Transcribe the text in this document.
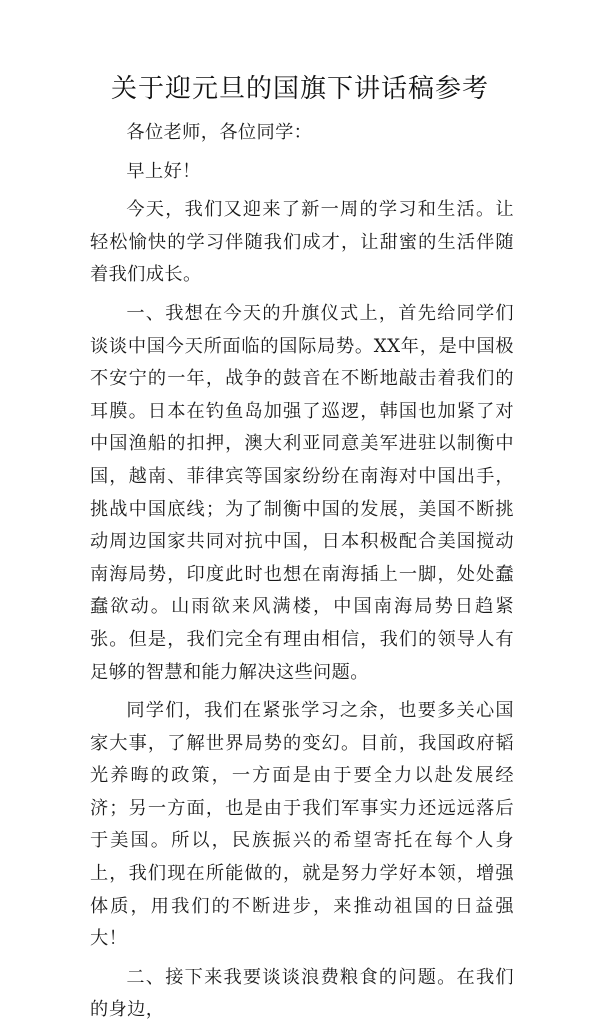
关于迎元旦的国旗下讲话稿参考

各位老师，各位同学：

早上好！

今天，我们又迎来了新一周的学习和生活。让轻松愉快的学习伴随我们成才，让甜蜜的生活伴随着我们成长。

一、我想在今天的升旗仪式上，首先给同学们谈谈中国今天所面临的国际局势。XX年，是中国极不安宁的一年，战争的鼓音在不断地敲击着我们的耳膜。日本在钓鱼岛加强了巡逻，韩国也加紧了对中国渔船的扣押，澳大利亚同意美军进驻以制衡中国，越南、菲律宾等国家纷纷在南海对中国出手，挑战中国底线；为了制衡中国的发展，美国不断挑动周边国家共同对抗中国，日本积极配合美国搅动南海局势，印度此时也想在南海插上一脚，处处蠢蠢欲动。山雨欲来风满楼，中国南海局势日趋紧张。但是，我们完全有理由相信，我们的领导人有足够的智慧和能力解决这些问题。

同学们，我们在紧张学习之余，也要多关心国家大事，了解世界局势的变幻。目前，我国政府韬光养晦的政策，一方面是由于要全力以赴发展经济；另一方面，也是由于我们军事实力还远远落后于美国。所以，民族振兴的希望寄托在每个人身上，我们现在所能做的，就是努力学好本领，增强体质，用我们的不断进步，来推动祖国的日益强大！

二、接下来我要谈谈浪费粮食的问题。在我们的身边，
